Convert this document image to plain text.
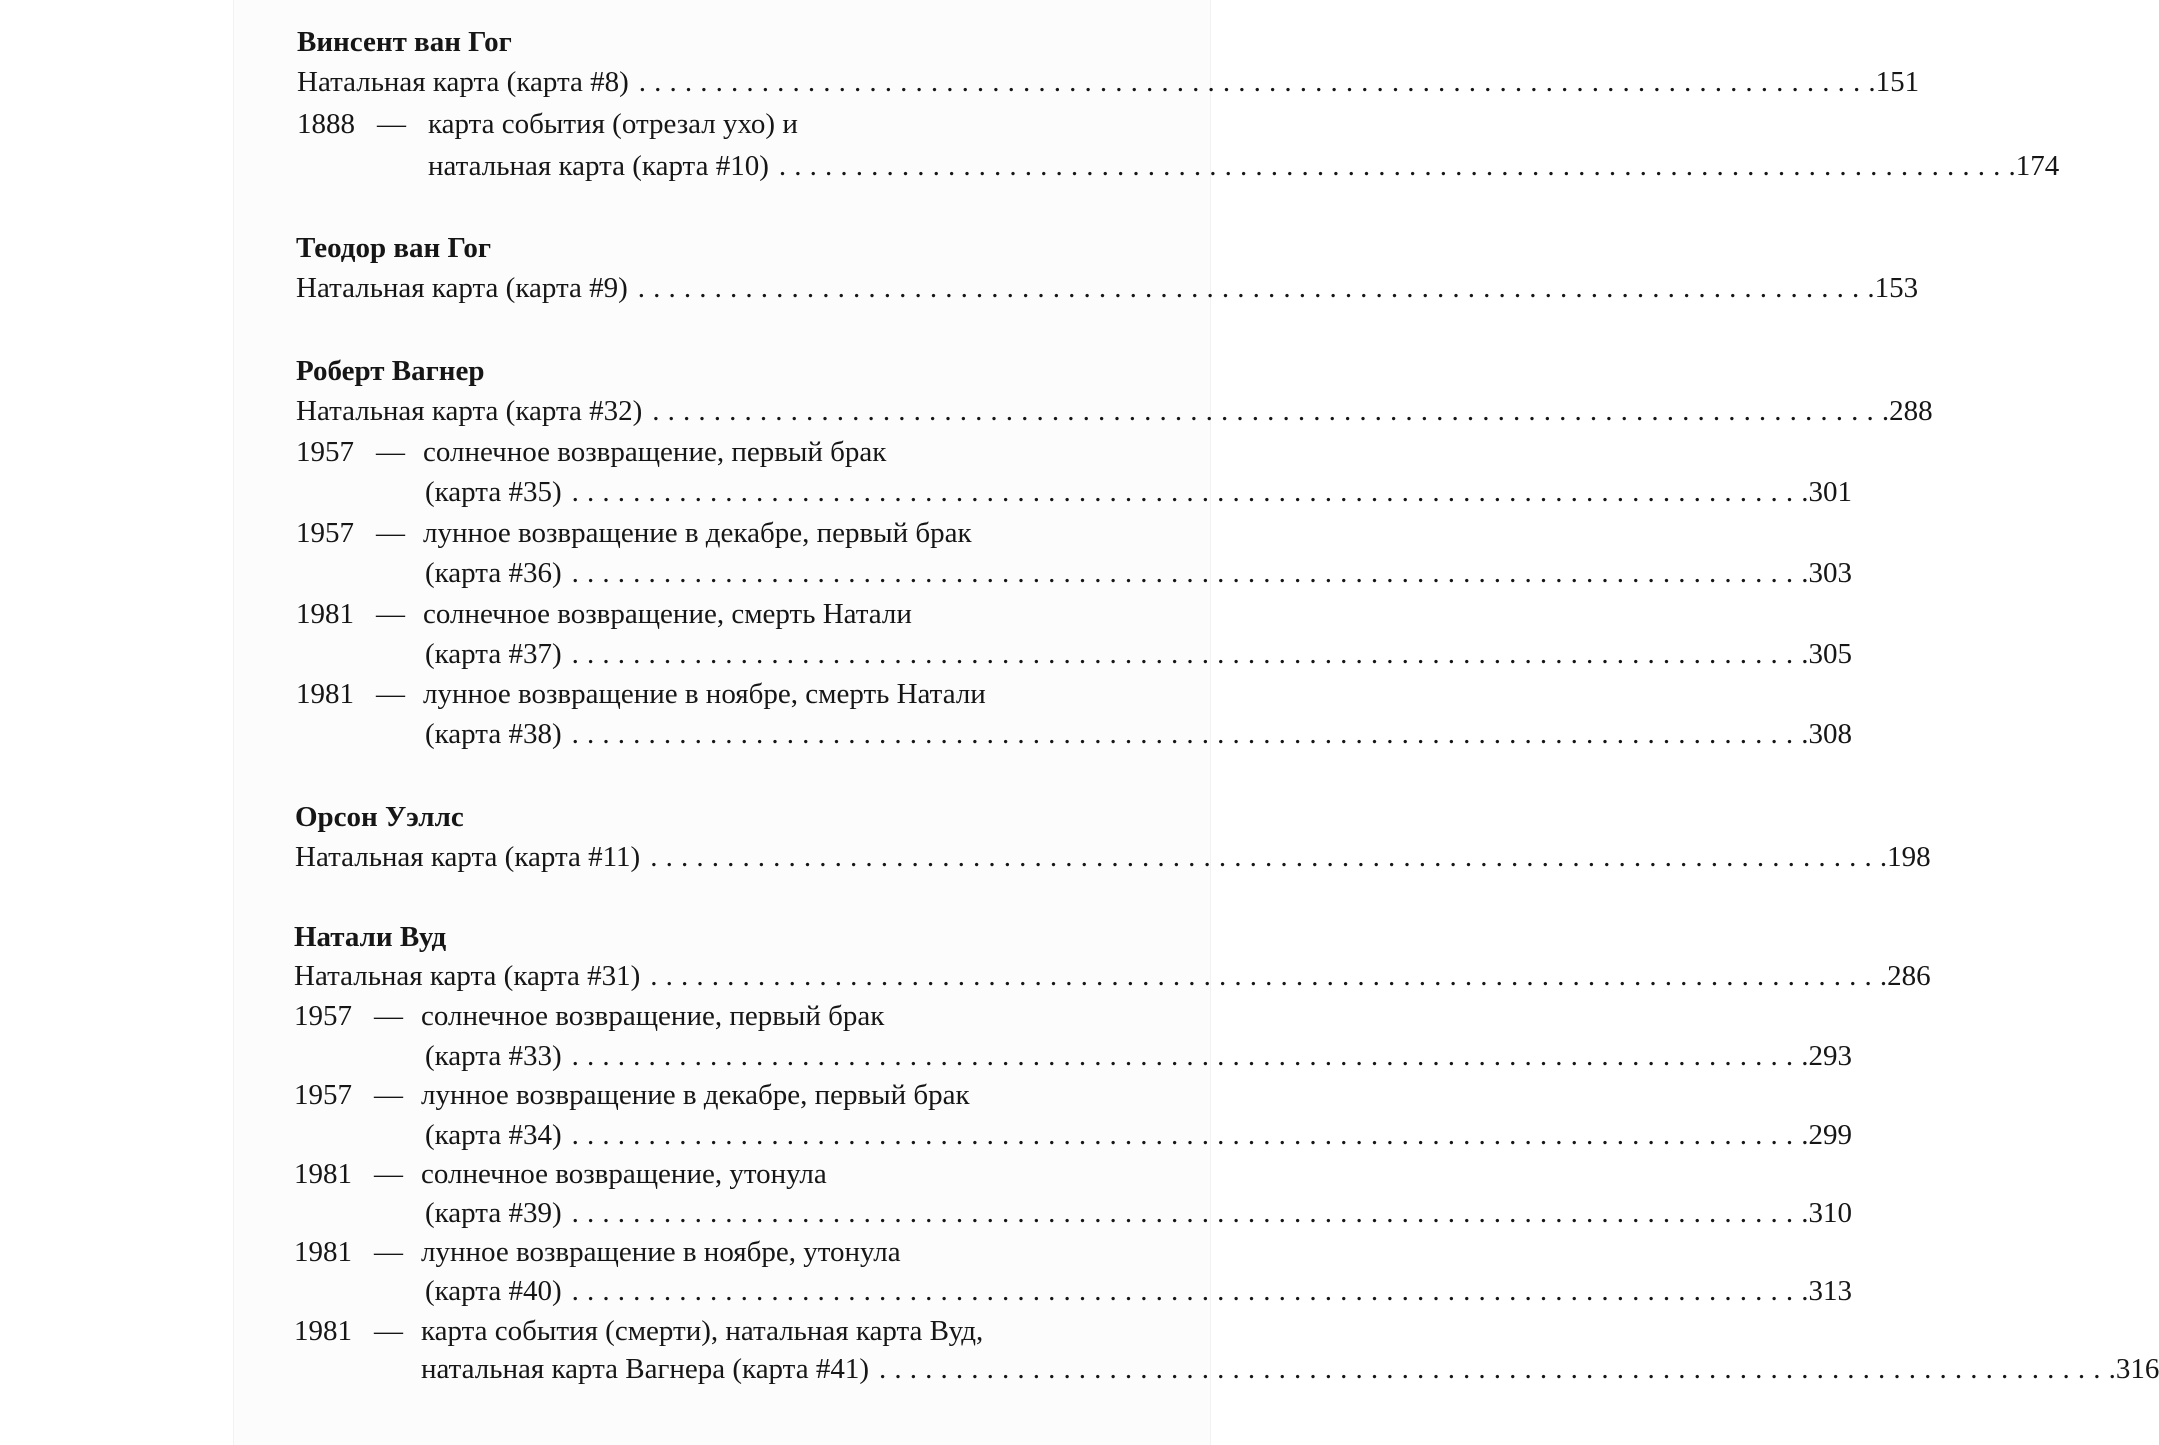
Винсент ван Гог
Натальная карта (карта #8) ................................................................................ .151
1888 — карта события (отрезал ухо) и
натальная карта (карта #10) ................................................................................ .174
Теодор ван Гог
Натальная карта (карта #9) ................................................................................ .153
Роберт Вагнер
Натальная карта (карта #32) ................................................................................ .288
1957 — солнечное возвращение, первый брак
(карта #35) ................................................................................ .301
1957 — лунное возвращение в декабре, первый брак
(карта #36) ................................................................................ .303
1981 — солнечное возвращение, смерть Натали
(карта #37) ................................................................................ .305
1981 — лунное возвращение в ноябре, смерть Натали
(карта #38) ................................................................................ .308
Орсон Уэллс
Натальная карта (карта #11) ................................................................................ .198
Натали Вуд
Натальная карта (карта #31) ................................................................................ .286
1957 — солнечное возвращение, первый брак
(карта #33) ................................................................................ .293
1957 — лунное возвращение в декабре, первый брак
(карта #34) ................................................................................ .299
1981 — солнечное возвращение, утонула
(карта #39) ................................................................................ .310
1981 — лунное возвращение в ноябре, утонула
(карта #40) ................................................................................ .313
1981 — карта события (смерти), натальная карта Вуд,
натальная карта Вагнера (карта #41) ................................................................................ .316
